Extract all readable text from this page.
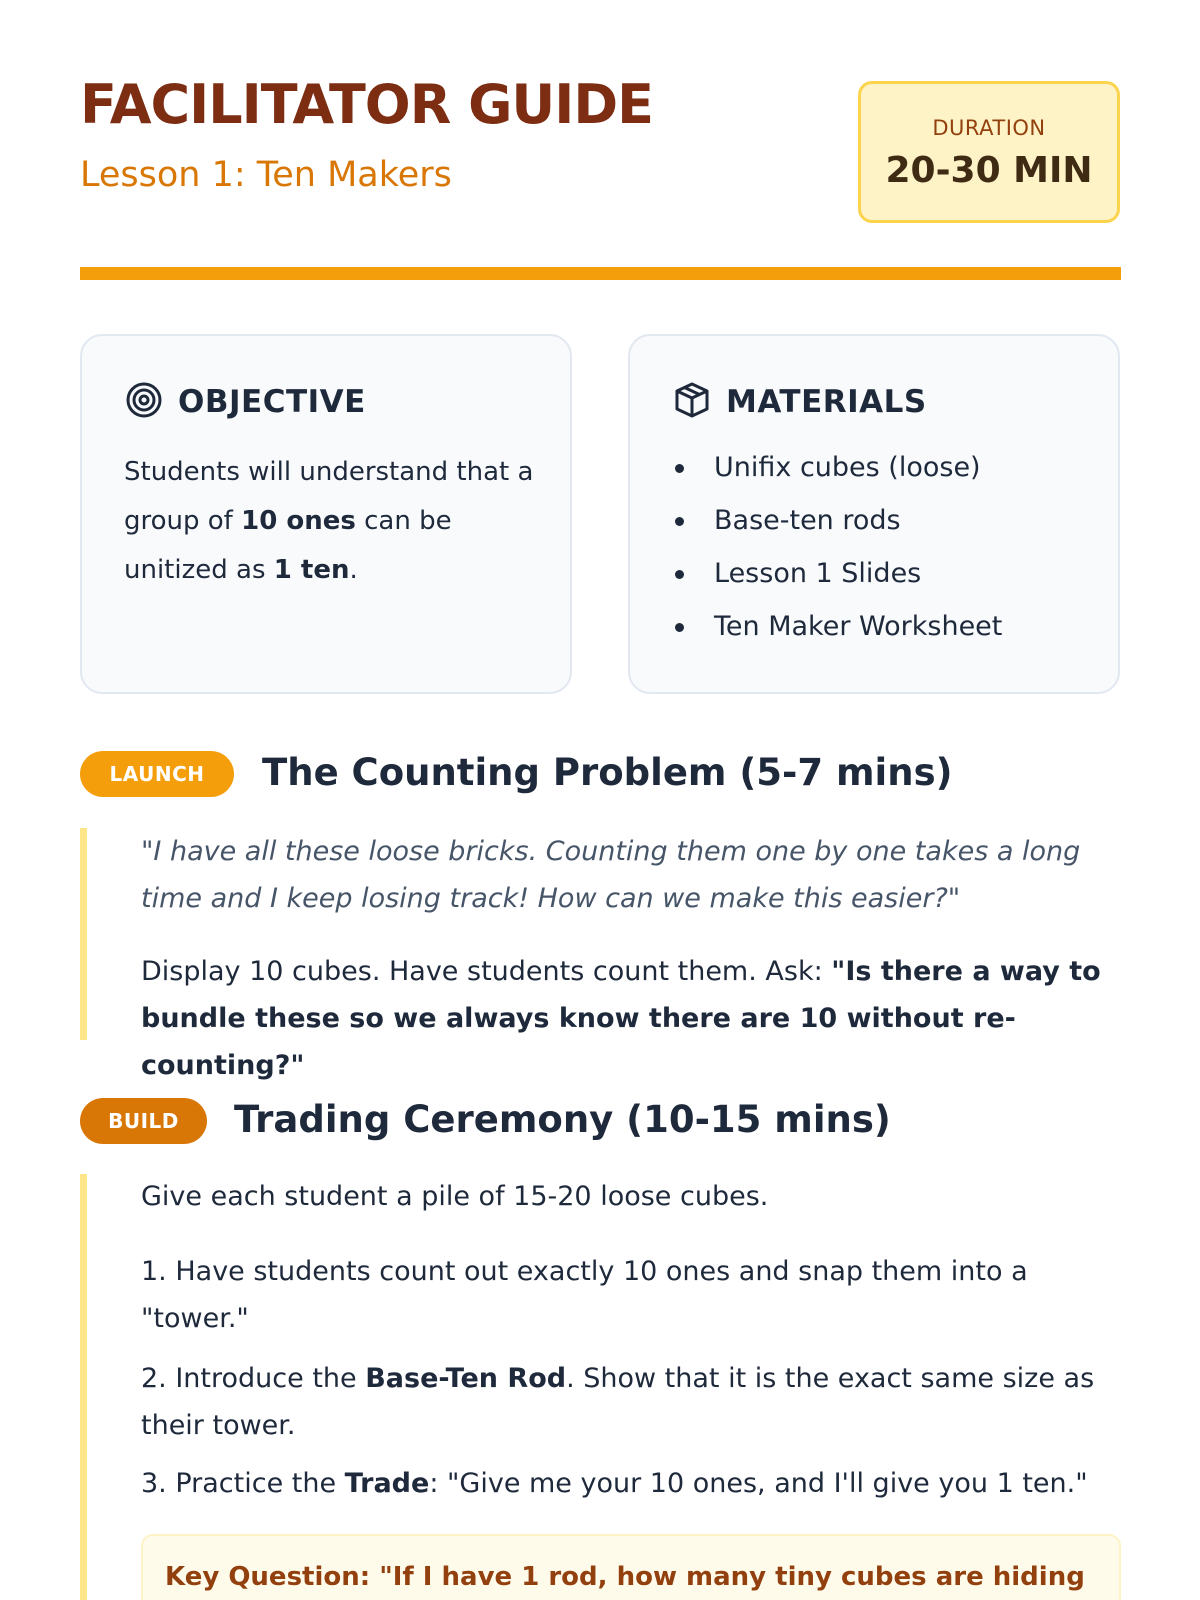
FACILITATOR GUIDE
Lesson 1: Ten Makers
DURATION
20-30 MIN
OBJECTIVE
Students will understand that a group of 10 ones can be unitized as 1 ten.
MATERIALS
Unifix cubes (loose)
Base-ten rods
Lesson 1 Slides
Ten Maker Worksheet
LAUNCH	The Counting Problem (5-7 mins)
"I have all these loose bricks. Counting them one by one takes a long time and I keep losing track! How can we make this easier?"
Display 10 cubes. Have students count them. Ask: "Is there a way to bundle these so we always know there are 10 without re-counting?"
BUILD	Trading Ceremony (10-15 mins)
Give each student a pile of 15-20 loose cubes.
1. Have students count out exactly 10 ones and snap them into a "tower."
2. Introduce the Base-Ten Rod. Show that it is the exact same size as their tower.
3. Practice the Trade: "Give me your 10 ones, and I'll give you 1 ten."
Key Question: "If I have 1 rod, how many tiny cubes are hiding
